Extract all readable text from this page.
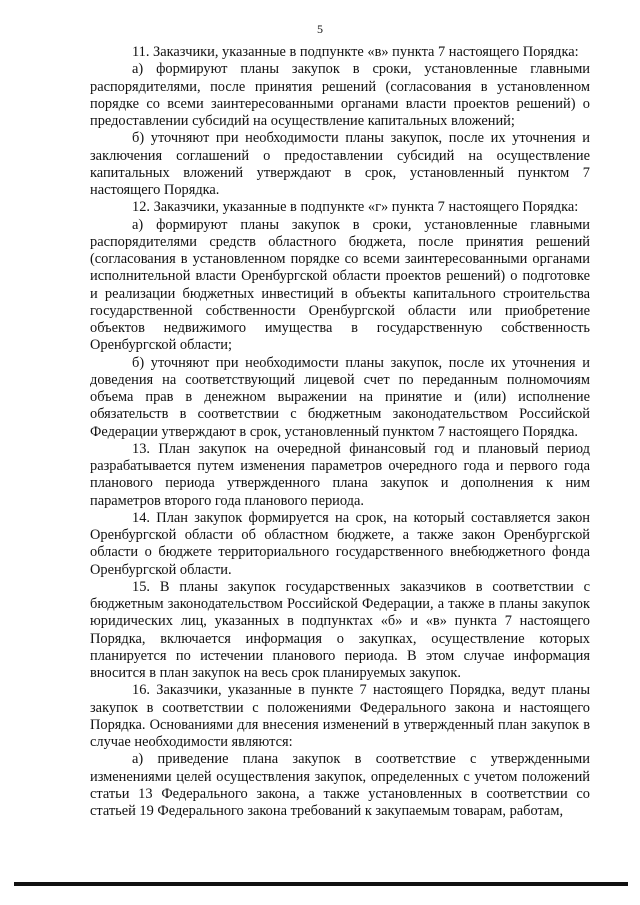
5

11. Заказчики, указанные в подпункте «в» пункта 7 настоящего Порядка:

а) формируют планы закупок в сроки, установленные главными распорядителями, после принятия решений (согласования в установленном порядке со всеми заинтересованными органами власти проектов решений) о предоставлении субсидий на осуществление капитальных вложений;

б) уточняют при необходимости планы закупок, после их уточнения и заключения соглашений о предоставлении субсидий на осуществление капитальных вложений утверждают в срок, установленный пунктом 7 настоящего Порядка.

12. Заказчики, указанные в подпункте «г» пункта 7 настоящего Порядка:

а) формируют планы закупок в сроки, установленные главными распорядителями средств областного бюджета, после принятия решений (согласования в установленном порядке со всеми заинтересованными органами исполнительной власти Оренбургской области проектов решений) о подготовке и реализации бюджетных инвестиций в объекты капитального строительства государственной собственности Оренбургской области или приобретение объектов недвижимого имущества в государственную собственность Оренбургской области;

б) уточняют при необходимости планы закупок, после их уточнения и доведения на соответствующий лицевой счет по переданным полномочиям объема прав в денежном выражении на принятие и (или) исполнение обязательств в соответствии с бюджетным законодательством Российской Федерации утверждают в срок, установленный пунктом 7 настоящего Порядка.

13. План закупок на очередной финансовый год и плановый период разрабатывается путем изменения параметров очередного года и первого года планового периода утвержденного плана закупок и дополнения к ним параметров второго года планового периода.

14. План закупок формируется на срок, на который составляется закон Оренбургской области об областном бюджете, а также закон Оренбургской области о бюджете территориального государственного внебюджетного фонда Оренбургской области.

15. В планы закупок государственных заказчиков в соответствии с бюджетным законодательством Российской Федерации, а также в планы закупок юридических лиц, указанных в подпунктах «б» и «в» пункта 7 настоящего Порядка, включается информация о закупках, осуществление которых планируется по истечении планового периода. В этом случае информация вносится в план закупок на весь срок планируемых закупок.

16. Заказчики, указанные в пункте 7 настоящего Порядка, ведут планы закупок в соответствии с положениями Федерального закона и настоящего Порядка. Основаниями для внесения изменений в утвержденный план закупок в случае необходимости являются:

а) приведение плана закупок в соответствие с утвержденными изменениями целей осуществления закупок, определенных с учетом положений статьи 13 Федерального закона, а также установленных в соответствии со статьей 19 Федерального закона требований к закупаемым товарам, работам,
